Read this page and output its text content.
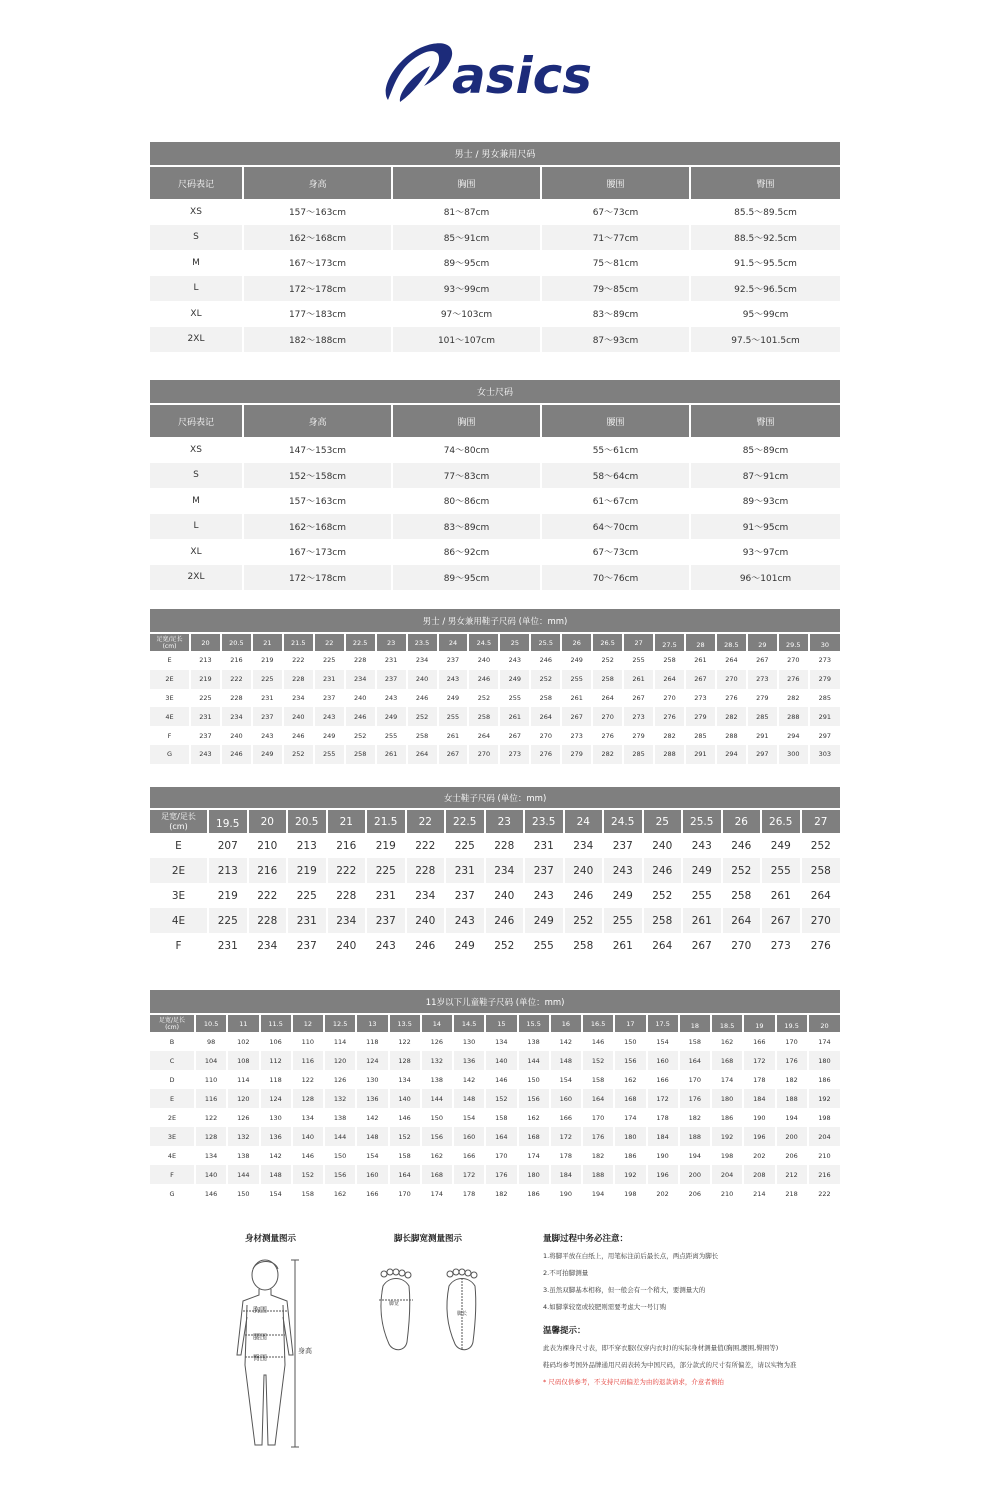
asics
男士 / 男女兼用尺码				
尺码表记	身高	胸围	腰围	臀围
XS	157～163cm	81～87cm	67～73cm	85.5～89.5cm
S	162～168cm	85～91cm	71～77cm	88.5～92.5cm
M	167～173cm	89～95cm	75～81cm	91.5～95.5cm
L	172～178cm	93～99cm	79～85cm	92.5～96.5cm
XL	177～183cm	97～103cm	83～89cm	95～99cm
2XL	182～188cm	101～107cm	87～93cm	97.5～101.5cm
女士尺码				
尺码表记	身高	胸围	腰围	臀围
XS	147～153cm	74～80cm	55～61cm	85～89cm
S	152～158cm	77～83cm	58～64cm	87～91cm
M	157～163cm	80～86cm	61～67cm	89～93cm
L	162～168cm	83～89cm	64～70cm	91～95cm
XL	167～173cm	86～92cm	67～73cm	93～97cm
2XL	172～178cm	89～95cm	70～76cm	96～101cm
男士 / 男女兼用鞋子尺码 (单位：mm)																					
足宽/足长
(cm)	20	20.5	21	21.5	22	22.5	23	23.5	24	24.5	25	25.5	26	26.5	27	27.5	28	28.5	29	29.5	30
E	213	216	219	222	225	228	231	234	237	240	243	246	249	252	255	258	261	264	267	270	273
2E	219	222	225	228	231	234	237	240	243	246	249	252	255	258	261	264	267	270	273	276	279
3E	225	228	231	234	237	240	243	246	249	252	255	258	261	264	267	270	273	276	279	282	285
4E	231	234	237	240	243	246	249	252	255	258	261	264	267	270	273	276	279	282	285	288	291
F	237	240	243	246	249	252	255	258	261	264	267	270	273	276	279	282	285	288	291	294	297
G	243	246	249	252	255	258	261	264	267	270	273	276	279	282	285	288	291	294	297	300	303
女士鞋子尺码 (单位：mm)																
足宽/足长
(cm)	19.5	20	20.5	21	21.5	22	22.5	23	23.5	24	24.5	25	25.5	26	26.5	27
E	207	210	213	216	219	222	225	228	231	234	237	240	243	246	249	252
2E	213	216	219	222	225	228	231	234	237	240	243	246	249	252	255	258
3E	219	222	225	228	231	234	237	240	243	246	249	252	255	258	261	264
4E	225	228	231	234	237	240	243	246	249	252	255	258	261	264	267	270
F	231	234	237	240	243	246	249	252	255	258	261	264	267	270	273	276
11岁以下儿童鞋子尺码 (单位：mm)																				
足宽/足长
(cm)	10.5	11	11.5	12	12.5	13	13.5	14	14.5	15	15.5	16	16.5	17	17.5	18	18.5	19	19.5	20
B	98	102	106	110	114	118	122	126	130	134	138	142	146	150	154	158	162	166	170	174
C	104	108	112	116	120	124	128	132	136	140	144	148	152	156	160	164	168	172	176	180
D	110	114	118	122	126	130	134	138	142	146	150	154	158	162	166	170	174	178	182	186
E	116	120	124	128	132	136	140	144	148	152	156	160	164	168	172	176	180	184	188	192
2E	122	126	130	134	138	142	146	150	154	158	162	166	170	174	178	182	186	190	194	198
3E	128	132	136	140	144	148	152	156	160	164	168	172	176	180	184	188	192	196	200	204
4E	134	138	142	146	150	154	158	162	166	170	174	178	182	186	190	194	198	202	206	210
F	140	144	148	152	156	160	164	168	172	176	180	184	188	192	196	200	204	208	212	216
G	146	150	154	158	162	166	170	174	178	182	186	190	194	198	202	206	210	214	218	222
身材测量图示	脚长脚宽测量图示
胸围
腰围
臀围
身高
脚宽
脚长
量脚过程中务必注意：
1.将脚平放在白纸上，用笔标注前后最长点，两点距离为脚长
2.不可拍脚测量
3.虽然双脚基本相称，但一般会有一个稍大，要测量大的
4.如脚掌较宽或较肥则需要考虑大一号订购
温馨提示：
此表为裸身尺寸表，即不穿衣服(仅穿内衣时)的实际身材测量值(胸围,腰围,臀围等)
鞋码均参考国外品牌通用尺码表转为中国尺码，部分款式的尺寸有所偏差，请以实物为准
* 尺码仅供参考，不支持尺码偏差为由的退款请求，介意者慎拍
